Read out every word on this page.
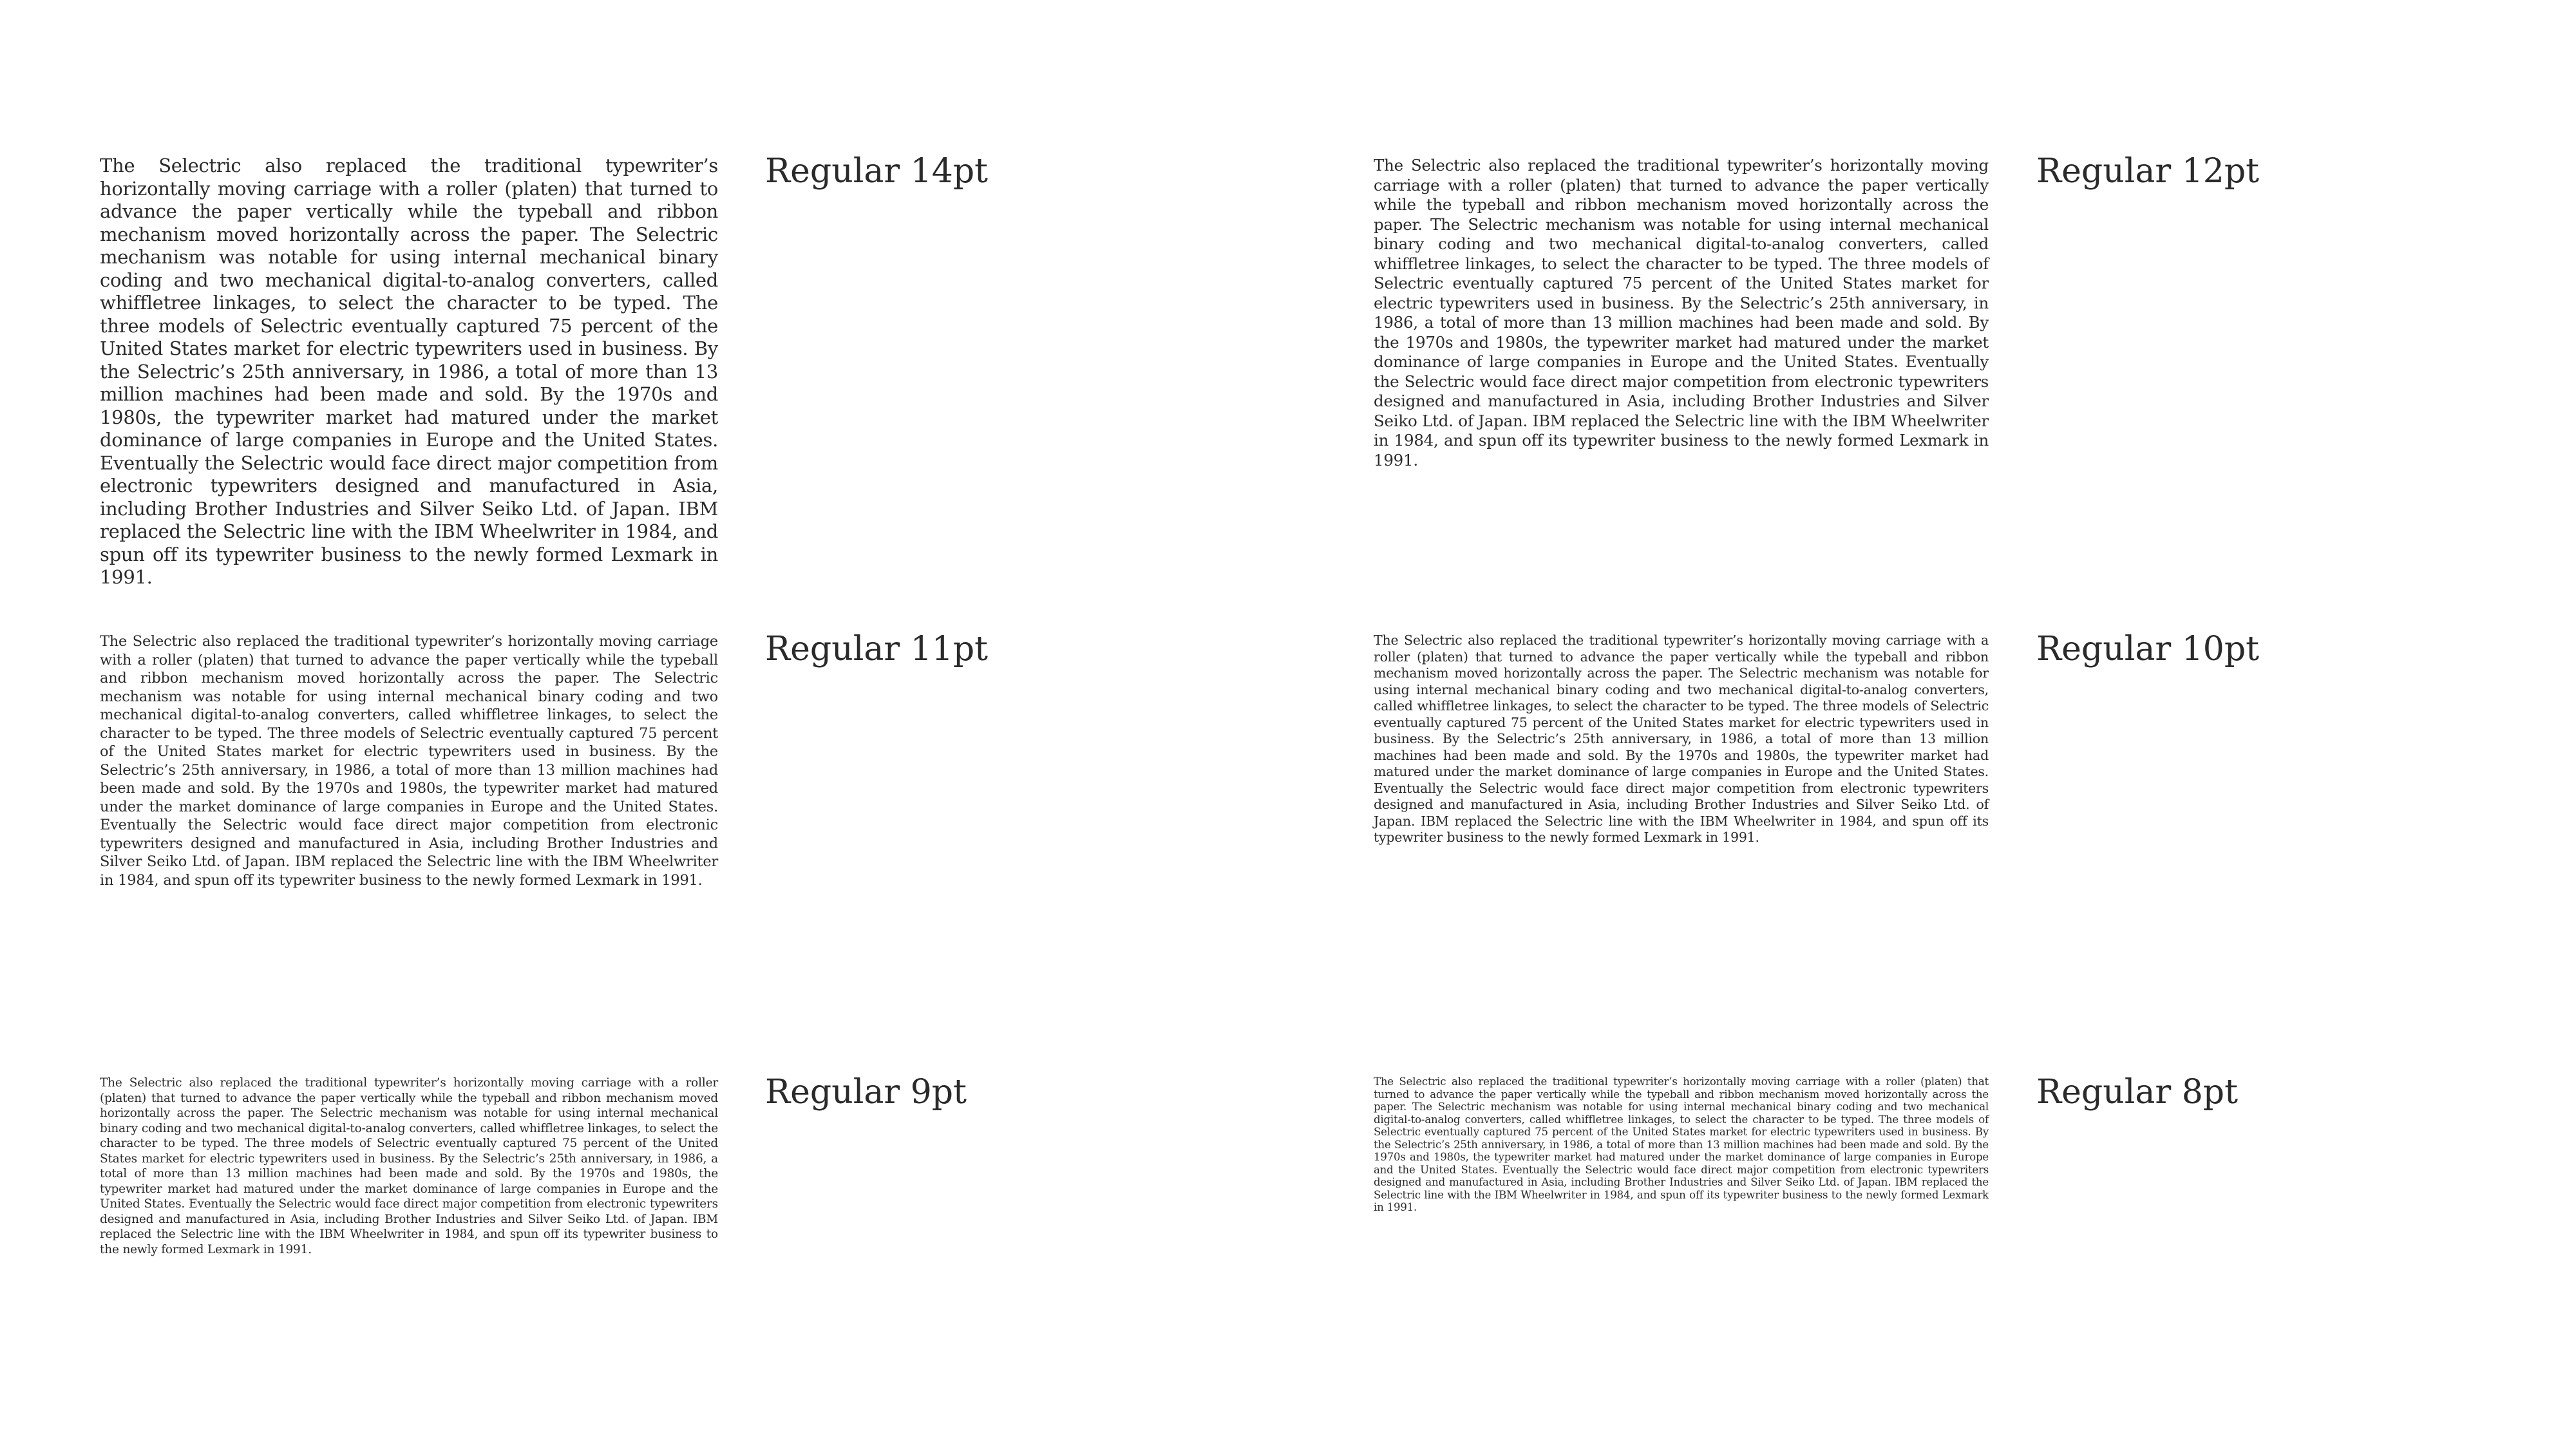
The Selectric also replaced the traditional typewriter’s horizontally moving carriage with a roller (platen) that turned to advance the paper vertically while the typeball and ribbon mechanism moved horizontally across the paper. The Selectric mechanism was notable for using internal mechanical binary coding and two mechanical digital-to-analog converters, called whiffletree linkages, to select the character to be typed. The three models of Selectric eventually captured 75 percent of the United States market for electric typewriters used in business. By the Selectric’s 25th anniversary, in 1986, a total of more than 13 million machines had been made and sold. By the 1970s and 1980s, the typewriter market had matured under the market dominance of large companies in Europe and the United States. Eventually the Selectric would face direct major competition from electronic typewriters designed and manufactured in Asia, including Brother Industries and Silver Seiko Ltd. of Japan. IBM replaced the Selectric line with the IBM Wheelwriter in 1984, and spun off its typewriter business to the newly formed Lexmark in 1991.

Regular 14pt	The Selectric also replaced the traditional typewriter’s horizontally moving carriage with a roller (platen) that turned to advance the paper vertically while the typeball and ribbon mechanism moved horizontally across the paper. The Selectric mechanism was notable for using internal mechanical binary coding and two mechanical digital-to-analog converters, called whiffletree linkages, to select the character to be typed. The three models of Selectric eventually captured 75 percent of the United States market for electric typewriters used in business. By the Selectric’s 25th anniversary, in 1986, a total of more than 13 million machines had been made and sold. By the 1970s and 1980s, the typewriter market had matured under the market dominance of large companies in Europe and the United States. Eventually the Selectric would face direct major competition from electronic typewriters designed and manufactured in Asia, including Brother Industries and Silver Seiko Ltd. of Japan. IBM replaced the Selectric line with the IBM Wheelwriter in 1984, and spun off its typewriter business to the newly formed Lexmark in 1991.

Regular 12pt

The Selectric also replaced the traditional typewriter’s horizontally moving carriage with a roller (platen) that turned to advance the paper vertically while the typeball and ribbon mechanism moved horizontally across the paper. The Selectric mechanism was notable for using internal mechanical binary coding and two mechanical digital-to-analog converters, called whiffletree linkages, to select the character to be typed. The three models of Selectric eventually captured 75 percent of the United States market for electric typewriters used in business. By the Selectric’s 25th anniversary, in 1986, a total of more than 13 million machines had been made and sold. By the 1970s and 1980s, the typewriter market had matured under the market dominance of large companies in Europe and the United States. Eventually the Selectric would face direct major competition from electronic typewriters designed and manufactured in Asia, including Brother Industries and Silver Seiko Ltd. of Japan. IBM replaced the Selectric line with the IBM Wheelwriter in 1984, and spun off its typewriter business to the newly formed Lexmark in 1991.

Regular 11pt	The Selectric also replaced the traditional typewriter’s horizontally moving carriage with a roller (platen) that turned to advance the paper vertically while the typeball and ribbon mechanism moved horizontally across the paper. The Selectric mechanism was notable for using internal mechanical binary coding and two mechanical digital-to-analog converters, called whiffletree linkages, to select the character to be typed. The three models of Selectric eventually captured 75 percent of the United States market for electric typewriters used in business. By the Selectric’s 25th anniversary, in 1986, a total of more than 13 million machines had been made and sold. By the 1970s and 1980s, the typewriter market had matured under the market dominance of large companies in Europe and the United States. Eventually the Selectric would face direct major competition from electronic typewriters designed and manufactured in Asia, including Brother Industries and Silver Seiko Ltd. of Japan. IBM replaced the Selectric line with the IBM Wheelwriter in 1984, and spun off its typewriter business to the newly formed Lexmark in 1991.

Regular 10pt

The Selectric also replaced the traditional typewriter’s horizontally moving carriage with a roller (platen) that turned to advance the paper vertically while the typeball and ribbon mechanism moved horizontally across the paper. The Selectric mechanism was notable for using internal mechanical binary coding and two mechanical digital-to-analog converters, called whiffletree linkages, to select the character to be typed. The three models of Selectric eventually captured 75 percent of the United States market for electric typewriters used in business. By the Selectric’s 25th anniversary, in 1986, a total of more than 13 million machines had been made and sold. By the 1970s and 1980s, the typewriter market had matured under the market dominance of large companies in Europe and the United States. Eventually the Selectric would face direct major competition from electronic typewriters designed and manufactured in Asia, including Brother Industries and Silver Seiko Ltd. of Japan. IBM replaced the Selectric line with the IBM Wheelwriter in 1984, and spun off its typewriter business to the newly formed Lexmark in 1991.

Regular 9pt	The Selectric also replaced the traditional typewriter’s horizontally moving carriage with a roller (platen) that turned to advance the paper vertically while the typeball and ribbon mechanism moved horizontally across the paper. The Selectric mechanism was notable for using internal mechanical binary coding and two mechanical digital-to-analog converters, called whiffletree linkages, to select the character to be typed. The three models of Selectric eventually captured 75 percent of the United States market for electric typewriters used in business. By the Selectric’s 25th anniversary, in 1986, a total of more than 13 million machines had been made and sold. By the 1970s and 1980s, the typewriter market had matured under the market dominance of large companies in Europe and the United States. Eventually the Selectric would face direct major competition from electronic typewriters designed and manufactured in Asia, including Brother Industries and Silver Seiko Ltd. of Japan. IBM replaced the Selectric line with the IBM Wheelwriter in 1984, and spun off its typewriter business to the newly formed Lexmark in 1991.

Regular 8pt
